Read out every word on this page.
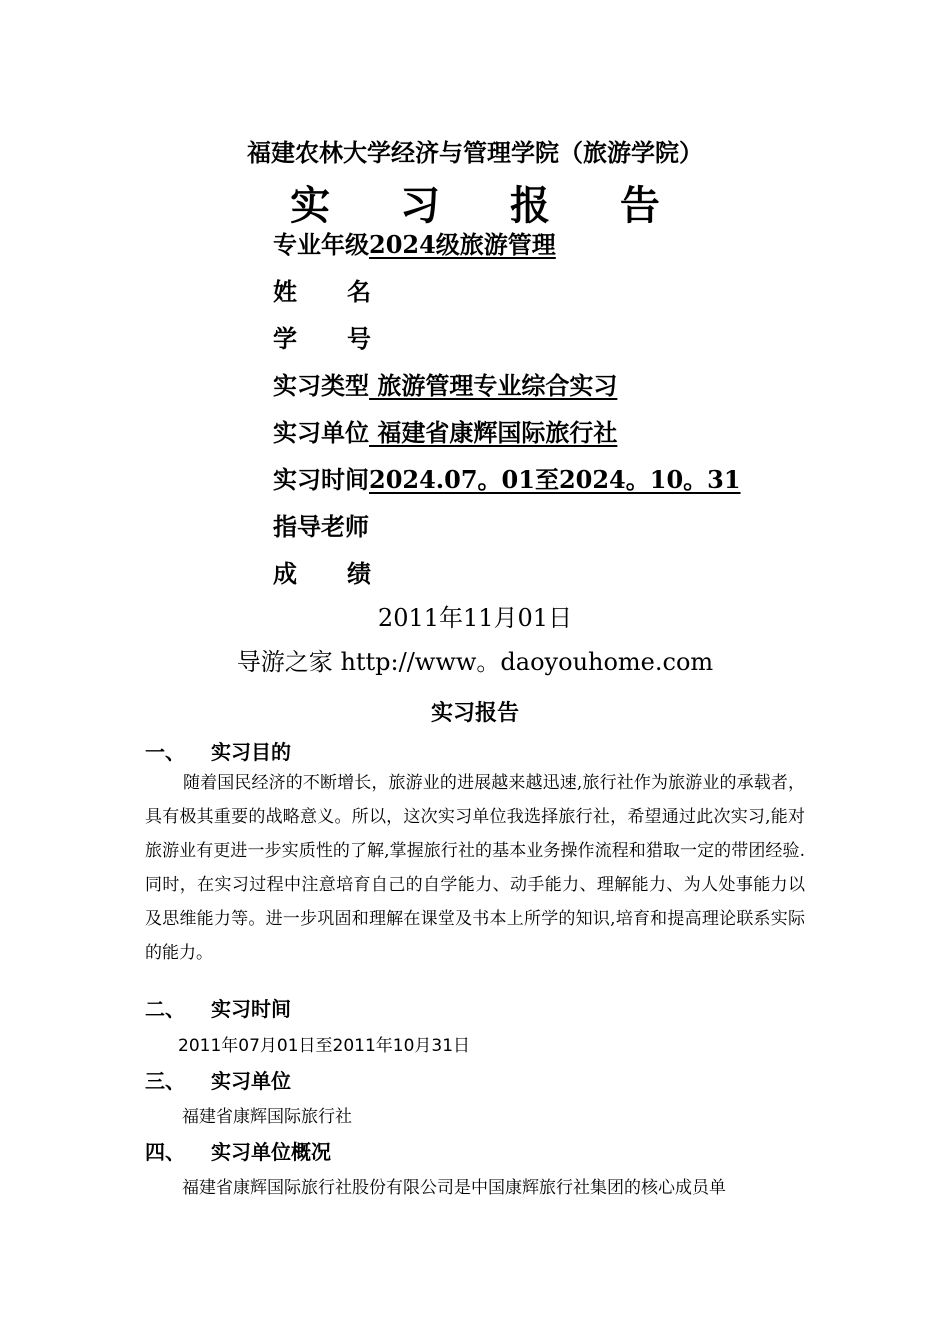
福建农林大学经济与管理学院（旅游学院）
实 习 报 告
专业年级2024级旅游管理
姓名
学号
实习类型 旅游管理专业综合实习
实习单位 福建省康辉国际旅行社
实习时间2024.07。01至2024。10。31
指导老师
成绩
2011年11月01日
导游之家 http://www。daoyouhome.com
实习报告
一、 实习目的
随着国民经济的不断增长，旅游业的进展越来越迅速,旅行社作为旅游业的承载者，具有极其重要的战略意义。所以，这次实习单位我选择旅行社，希望通过此次实习,能对旅游业有更进一步实质性的了解,掌握旅行社的基本业务操作流程和猎取一定的带团经验.同时，在实习过程中注意培育自己的自学能力、动手能力、理解能力、为人处事能力以及思维能力等。进一步巩固和理解在课堂及书本上所学的知识,培育和提高理论联系实际的能力。
二、 实习时间
2011年07月01日至2011年10月31日
三、 实习单位
福建省康辉国际旅行社
四、 实习单位概况
福建省康辉国际旅行社股份有限公司是中国康辉旅行社集团的核心成员单
